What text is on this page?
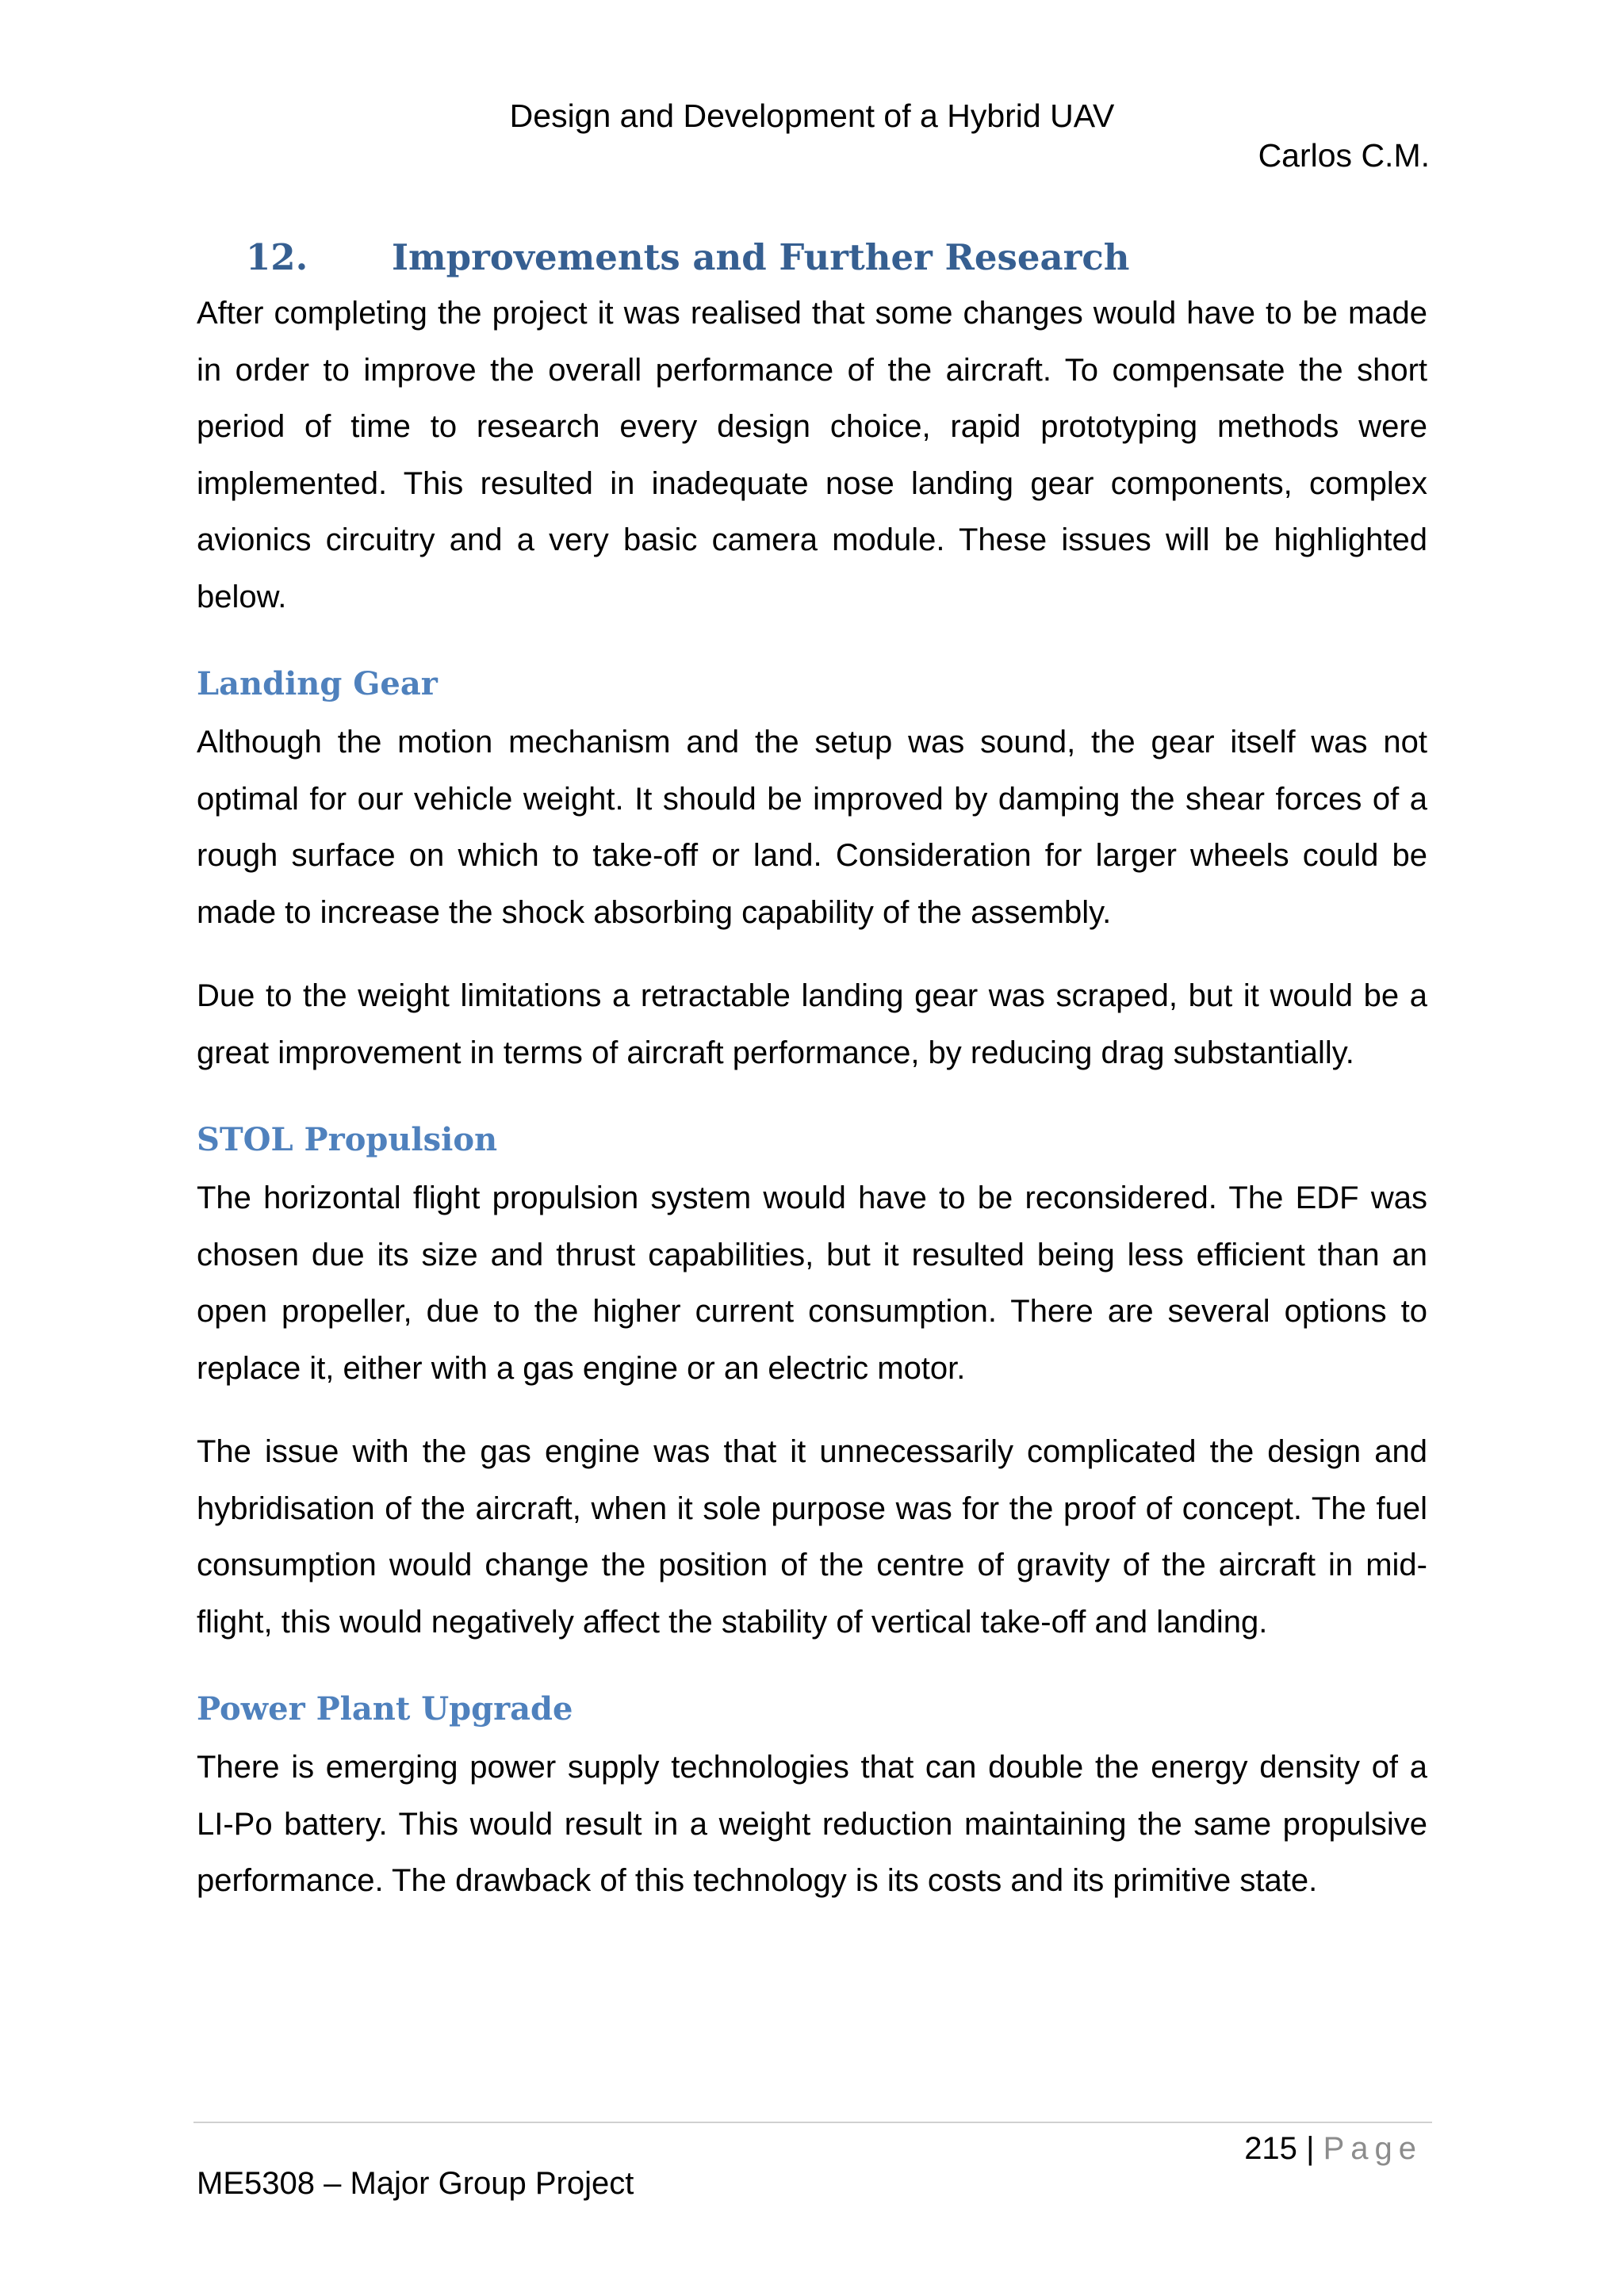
Design and Development of a Hybrid UAV
Carlos C.M.
12.	Improvements and Further Research

After completing the project it was realised that some changes would have to be made in order to improve the overall performance of the aircraft. To compensate the short period of time to research every design choice, rapid prototyping methods were implemented. This resulted in inadequate nose landing gear components, complex avionics circuitry and a very basic camera module. These issues will be highlighted below.

Landing Gear

Although the motion mechanism and the setup was sound, the gear itself was not optimal for our vehicle weight. It should be improved by damping the shear forces of a rough surface on which to take-off or land. Consideration for larger wheels could be made to increase the shock absorbing capability of the assembly.

Due to the weight limitations a retractable landing gear was scraped, but it would be a great improvement in terms of aircraft performance, by reducing drag substantially.

STOL Propulsion

The horizontal flight propulsion system would have to be reconsidered. The EDF was chosen due its size and thrust capabilities, but it resulted being less efficient than an open propeller, due to the higher current consumption. There are several options to replace it, either with a gas engine or an electric motor.

The issue with the gas engine was that it unnecessarily complicated the design and hybridisation of the aircraft, when it sole purpose was for the proof of concept. The fuel consumption would change the position of the centre of gravity of the aircraft in mid-flight, this would negatively affect the stability of vertical take-off and landing.

Power Plant Upgrade

There is emerging power supply technologies that can double the energy density of a LI-Po battery. This would result in a weight reduction maintaining the same propulsive performance. The drawback of this technology is its costs and its primitive state.

215 | Page
ME5308 – Major Group Project
